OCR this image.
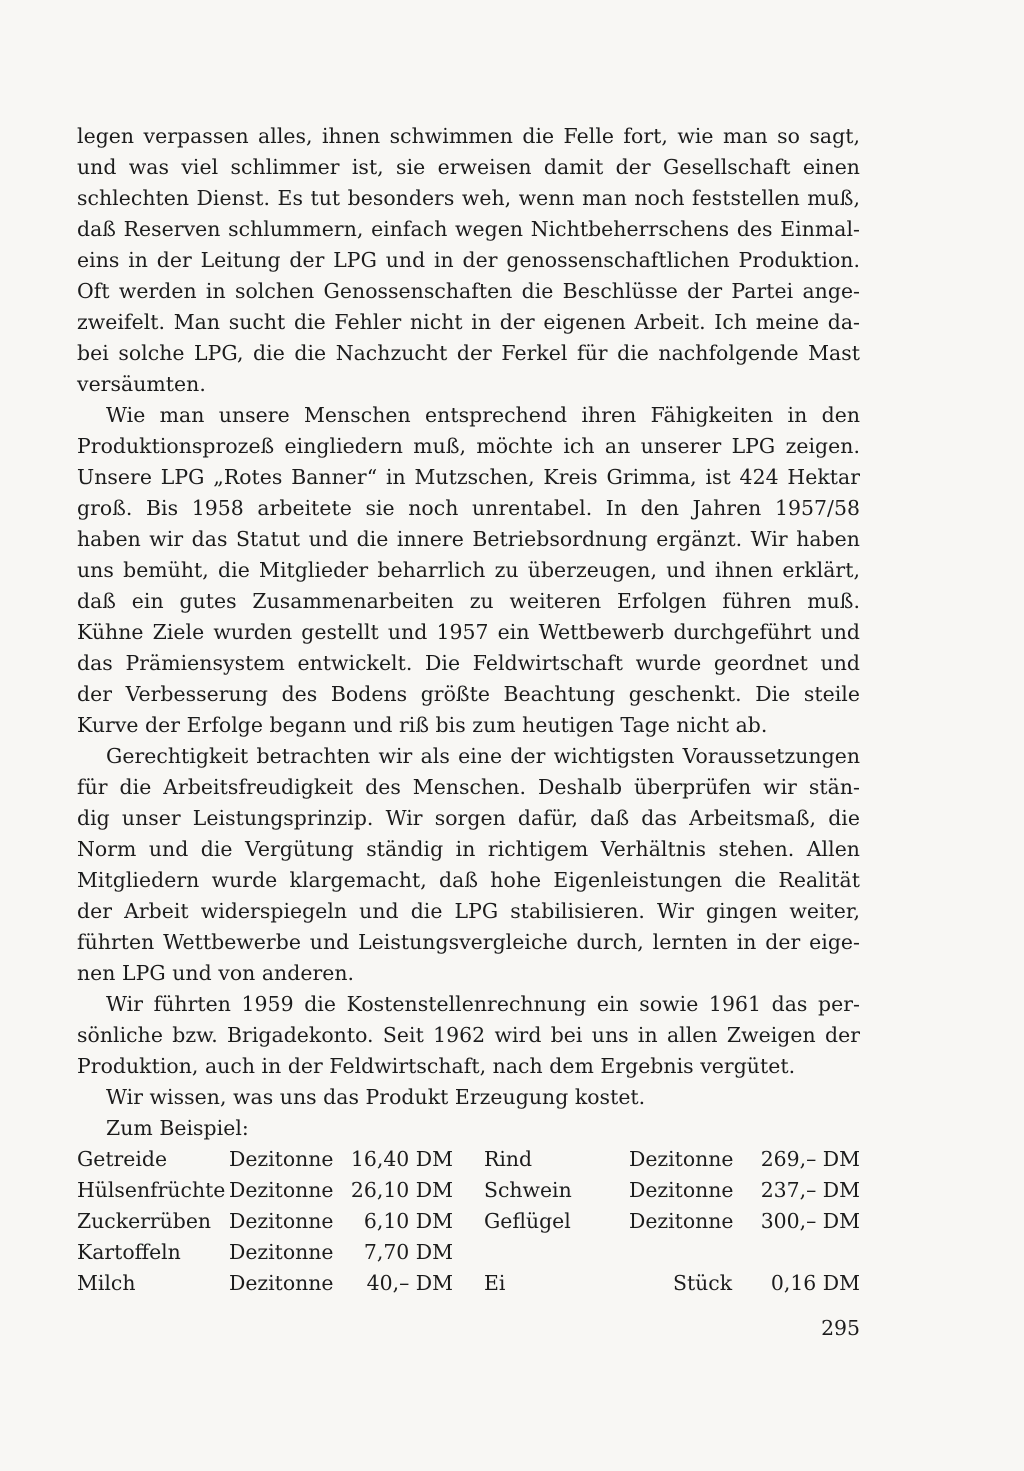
legen verpassen alles, ihnen schwimmen die Felle fort, wie man so sagt,
und was viel schlimmer ist, sie erweisen damit der Gesellschaft einen
schlechten Dienst. Es tut besonders weh, wenn man noch feststellen muß,
daß Reserven schlummern, einfach wegen Nichtbeherrschens des Einmal-
eins in der Leitung der LPG und in der genossenschaftlichen Produktion.
Oft werden in solchen Genossenschaften die Beschlüsse der Partei ange-
zweifelt. Man sucht die Fehler nicht in der eigenen Arbeit. Ich meine da-
bei solche LPG, die die Nachzucht der Ferkel für die nachfolgende Mast
versäumten.
Wie man unsere Menschen entsprechend ihren Fähigkeiten in den
Produktionsprozeß eingliedern muß, möchte ich an unserer LPG zeigen.
Unsere LPG „Rotes Banner“ in Mutzschen, Kreis Grimma, ist 424 Hektar
groß. Bis 1958 arbeitete sie noch unrentabel. In den Jahren 1957/58
haben wir das Statut und die innere Betriebsordnung ergänzt. Wir haben
uns bemüht, die Mitglieder beharrlich zu überzeugen, und ihnen erklärt,
daß ein gutes Zusammenarbeiten zu weiteren Erfolgen führen muß.
Kühne Ziele wurden gestellt und 1957 ein Wettbewerb durchgeführt und
das Prämiensystem entwickelt. Die Feldwirtschaft wurde geordnet und
der Verbesserung des Bodens größte Beachtung geschenkt. Die steile
Kurve der Erfolge begann und riß bis zum heutigen Tage nicht ab.
Gerechtigkeit betrachten wir als eine der wichtigsten Voraussetzungen
für die Arbeitsfreudigkeit des Menschen. Deshalb überprüfen wir stän-
dig unser Leistungsprinzip. Wir sorgen dafür, daß das Arbeitsmaß, die
Norm und die Vergütung ständig in richtigem Verhältnis stehen. Allen
Mitgliedern wurde klargemacht, daß hohe Eigenleistungen die Realität
der Arbeit widerspiegeln und die LPG stabilisieren. Wir gingen weiter,
führten Wettbewerbe und Leistungsvergleiche durch, lernten in der eige-
nen LPG und von anderen.
Wir führten 1959 die Kostenstellenrechnung ein sowie 1961 das per-
sönliche bzw. Brigadekonto. Seit 1962 wird bei uns in allen Zweigen der
Produktion, auch in der Feldwirtschaft, nach dem Ergebnis vergütet.
Wir wissen, was uns das Produkt Erzeugung kostet.
Zum Beispiel:
Getreide	Dezitonne 16,40 DM Rind	Dezitonne	269,– DM
Hülsenfrüchte Dezitonne 26,10 DM Schwein	Dezitonne	237,– DM
Zuckerrüben Dezitonne	6,10 DM Geflügel	Dezitonne	300,– DM
Kartoffeln Dezitonne	7,70 DM
Milch	Dezitonne	40,– DM Ei	Stück	0,16 DM
295
